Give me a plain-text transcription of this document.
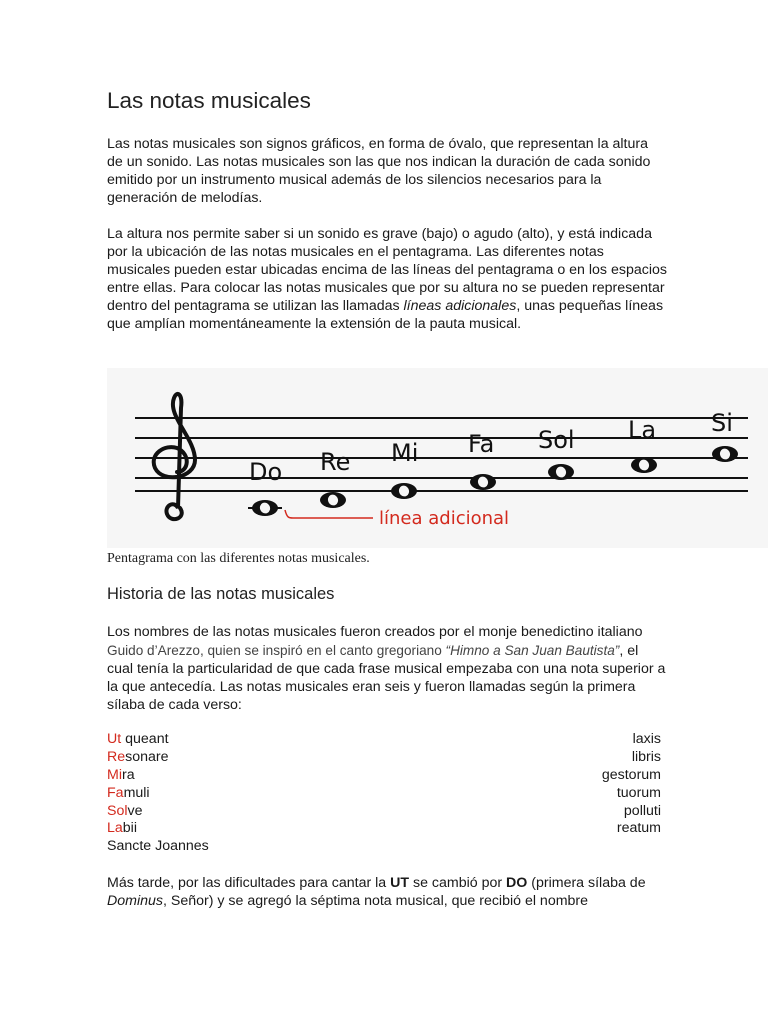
Las notas musicales

Las notas musicales son signos gráficos, en forma de óvalo, que representan la altura de un sonido. Las notas musicales son las que nos indican la duración de cada sonido emitido por un instrumento musical además de los silencios necesarios para la generación de melodías.

La altura nos permite saber si un sonido es grave (bajo) o agudo (alto), y está indicada por la ubicación de las notas musicales en el pentagrama. Las diferentes notas musicales pueden estar ubicadas encima de las líneas del pentagrama o en los espacios entre ellas. Para colocar las notas musicales que por su altura no se pueden representar dentro del pentagrama se utilizan las llamadas líneas adicionales, unas pequeñas líneas que amplían momentáneamente la extensión de la pauta musical.

Do Re Mi Fa Sol La Si
línea adicional

Pentagrama con las diferentes notas musicales.

Historia de las notas musicales

Los nombres de las notas musicales fueron creados por el monje benedictino italiano Guido d’Arezzo, quien se inspiró en el canto gregoriano “Himno a San Juan Bautista”, el cual tenía la particularidad de que cada frase musical empezaba con una nota superior a la que antecedía. Las notas musicales eran seis y fueron llamadas según la primera sílaba de cada verso:

Ut queant	laxis
Resonare	libris
Mira	gestorum
Famuli	tuorum
Solve	polluti
Labii	reatum
Sancte Joannes

Más tarde, por las dificultades para cantar la UT se cambió por DO (primera sílaba de Dominus, Señor) y se agregó la séptima nota musical, que recibió el nombre
